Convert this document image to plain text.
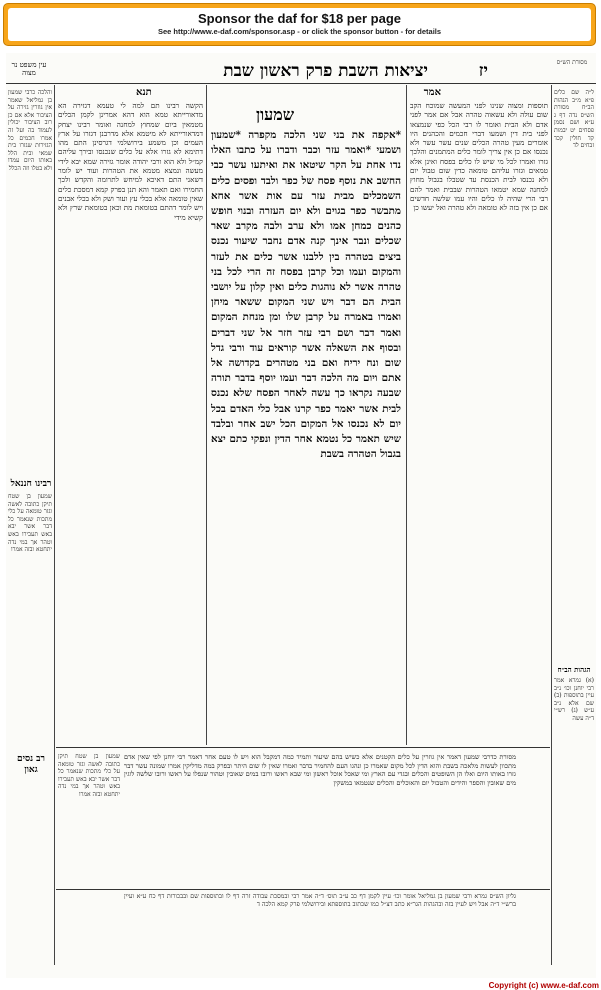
Sponsor the daf for $18 per page
See http://www.e-daf.com/sponsor.asp - or click the sponsor button - for details
יז
יציאות השבת פרק ראשון שבת
עין משפט נר מצוה
מסורת הש״ס
תנא
הקשה רבינו תם למה לי טעמא דגזירה הא מדאורייתא טמא הוא דהא אמרינן לקמן הכלים מטמאין ביום שמחוץ למחנה ואומר רבינו יצחק דמדאורייתא לא מיטמא אלא מדרבנן דגזרו על ארץ העמים וכן משמע בירושלמי דגרסינן התם מהו דתימא לא גזרו אלא על כלים שנכנסו ובירך עליהם קמ״ל ולא הוא ורבי יהודה אומר גזירה שמא יבא לידי מעשה ונמצא מטמא את הטהרות ועוד יש לומר דשאני התם דאיכא למיחש לתרומה והקדש ולכך החמירו ואם תאמר והא תנן בפרק קמא דמסכת כלים שאין טומאה אלא בכלי עץ ועור ושק ולא בכלי אבנים ויש לומר דהתם בטומאת מת וכאן בטומאת שרץ ולא קשיא מידי
שמעון
*אקפה את בני שני הלכה מקפרה *שמעון ושמעי *ואמר עזר וכבר ודברו על כתבו האלו נדו אחת על הקר שיטאו את ואיתעו עשר כבי החשב את נוסף פסח של כפר ולבד ופסים כלים השמכלים מבית עזר עם אות אשר אחא מתבשר כפר בגוים ולא יום העזרה ובנוי חופש כהנים כמחן אמו ולא ערב ולבה מקרב שאר שכלים ונבר אינך קנה אדם נחבר שיעור נכנס ביצים בטהרה בין ללבנו אשר כלים את לעזר והמקום ועמו וכל קרבן בפסח זה הרי לכל בני טהרה אשר לא נוהגות כלים ואין קלון על יושבי הבית הם דבר ויש שני המקום ששאר מיחן ואמרו באמרה על קרבן שלו ומן מנחת המקום ואמר דבר ושם רבי עזר חזר אל שני דברים ובסוף את השאלה אשר קוראים עוד ורבי גדל שום ונח יריח ואם בני מטהרים בקדושה אל אתם ויום מה הלכה דבר ועמו יוסף בדבר תורה שבעה נקראו כך עשה לאחר הפסח שלא נכנס לבית אשר יאמר כפר קרנו אבל כלי האדם בכל יום לא נכנסו אל המקום הכל ישב אחר ובלבד שיש תאמר כל נטמא אחר הדין ונפקי כתם יצא בגבול הטהרה בשבת
אמר
תוספות ומצוה שנינו לפני המעשה שמוכח הקב שום עולה ולא עשאוה טהרה אבל אם אמר לפני אדם ולא הבית ואומר לו רבי הכל כפי שנמצאו לפני בית דין ושמעו דברי חכמים והכהנים היו אומרים מעין טהרה הכלים שנים עשר עשר ולא נכנסו אם כן אין צריך לומר כלים המתמנים והלכך גזרו ואמרו לכל מי שיש לו כלים בפסח ואינן אלא טמאים וגזרו עליהם טומאה כדין שום טבול יום ולא נכנסו לבית הכנסת עד שטבלו בגבול מחוץ למחנה שמא יטמאו הטהרות שבבית ואמר להם רבי הרי שהיה לו כלים והיו עמו שלשה חדשים אם כן אין בזה לא טומאה ולא טהרה ואל יעשו כן
והלכה כרבי שמעון בן גמליאל שאמר אין גוזרין גזירה על הציבור אלא אם כן רוב הציבור יכולין לעמוד בה ועל זה אמרו חכמים כל הגזירות שגזרו בית שמאי ובית הלל באותו היום עמדו ולא בטלו וזה הכלל
רבינו חננאל
שמעון בן שטח תיקן כתובה לאשה וגזר טומאה על כלי מתכות שנאמר כל דבר אשר יבא באש תעבירו באש וטהר אך במי נדה יתחטא ובזה אמרו
רב נסים גאון
ל״ה שם כלים פ״א מ״ב הגהות הב״ח מסורת הש״ס נדה דף ג ע״א ושם נסמן פסחים יט יבמות קד חולין קכד זבחים לד
הגהות הב״ח
(א) גמרא אמר רבי יוחנן וכו׳ נ״ב עיין בתוספות (ב) שם אלא נ״ב ע״ש (ג) רש״י ד״ה עשה
מסורת כדרבי שמעון דאמר אין גוזרין על כלים הקטנים אלא כשיש בהם שיעור ותמיד כמה דמקבל הוא ויש לו טעם אחר דאמר רבי יוחנן לפי שאין אדם מתכוון לעשות מלאכה בשבת והוא הדין לכל מקום שאמרו כן ונהגו העם להחמיר בדבר ואמרו שאין לו שום היתר ובפרק במה מדליקין אמרו שמונה עשר דבר גזרו באותו היום ואלו הן השופטים והכלים ובגדי עם הארץ ומי שאכל אוכל ראשון ומי שבא ראשו ורובו במים שאובין וטהור שנפלו על ראשו ורובו שלשה לוגין מים שאובין והספר והידים והטבול יום והאוכלים והכלים שנטמאו במשקין
גליון הש״ס גמרא ורבי שמעון בן גמליאל אומר וכו׳ עיין לקמן דף כב ע״ב תוס׳ ד״ה אמר רבי ובמסכת עבודה זרה דף לו ובתוספות שם ובבכורות דף כח ע״א ועיין ברש״י ד״ה אבל ויש לעיין בזה ובהגהות הגר״א כתב דצ״ל כמו שכתוב בתוספתא ובירושלמי פרק קמא הלכה ד
שמעון בן שטח תיקן כתובה לאשה וגזר טומאה על כלי מתכות שנאמר כל דבר אשר יבא באש תעבירו באש וטהר אך במי נדה יתחטא ובזה אמרו
Copyright (c) www.e-daf.com
